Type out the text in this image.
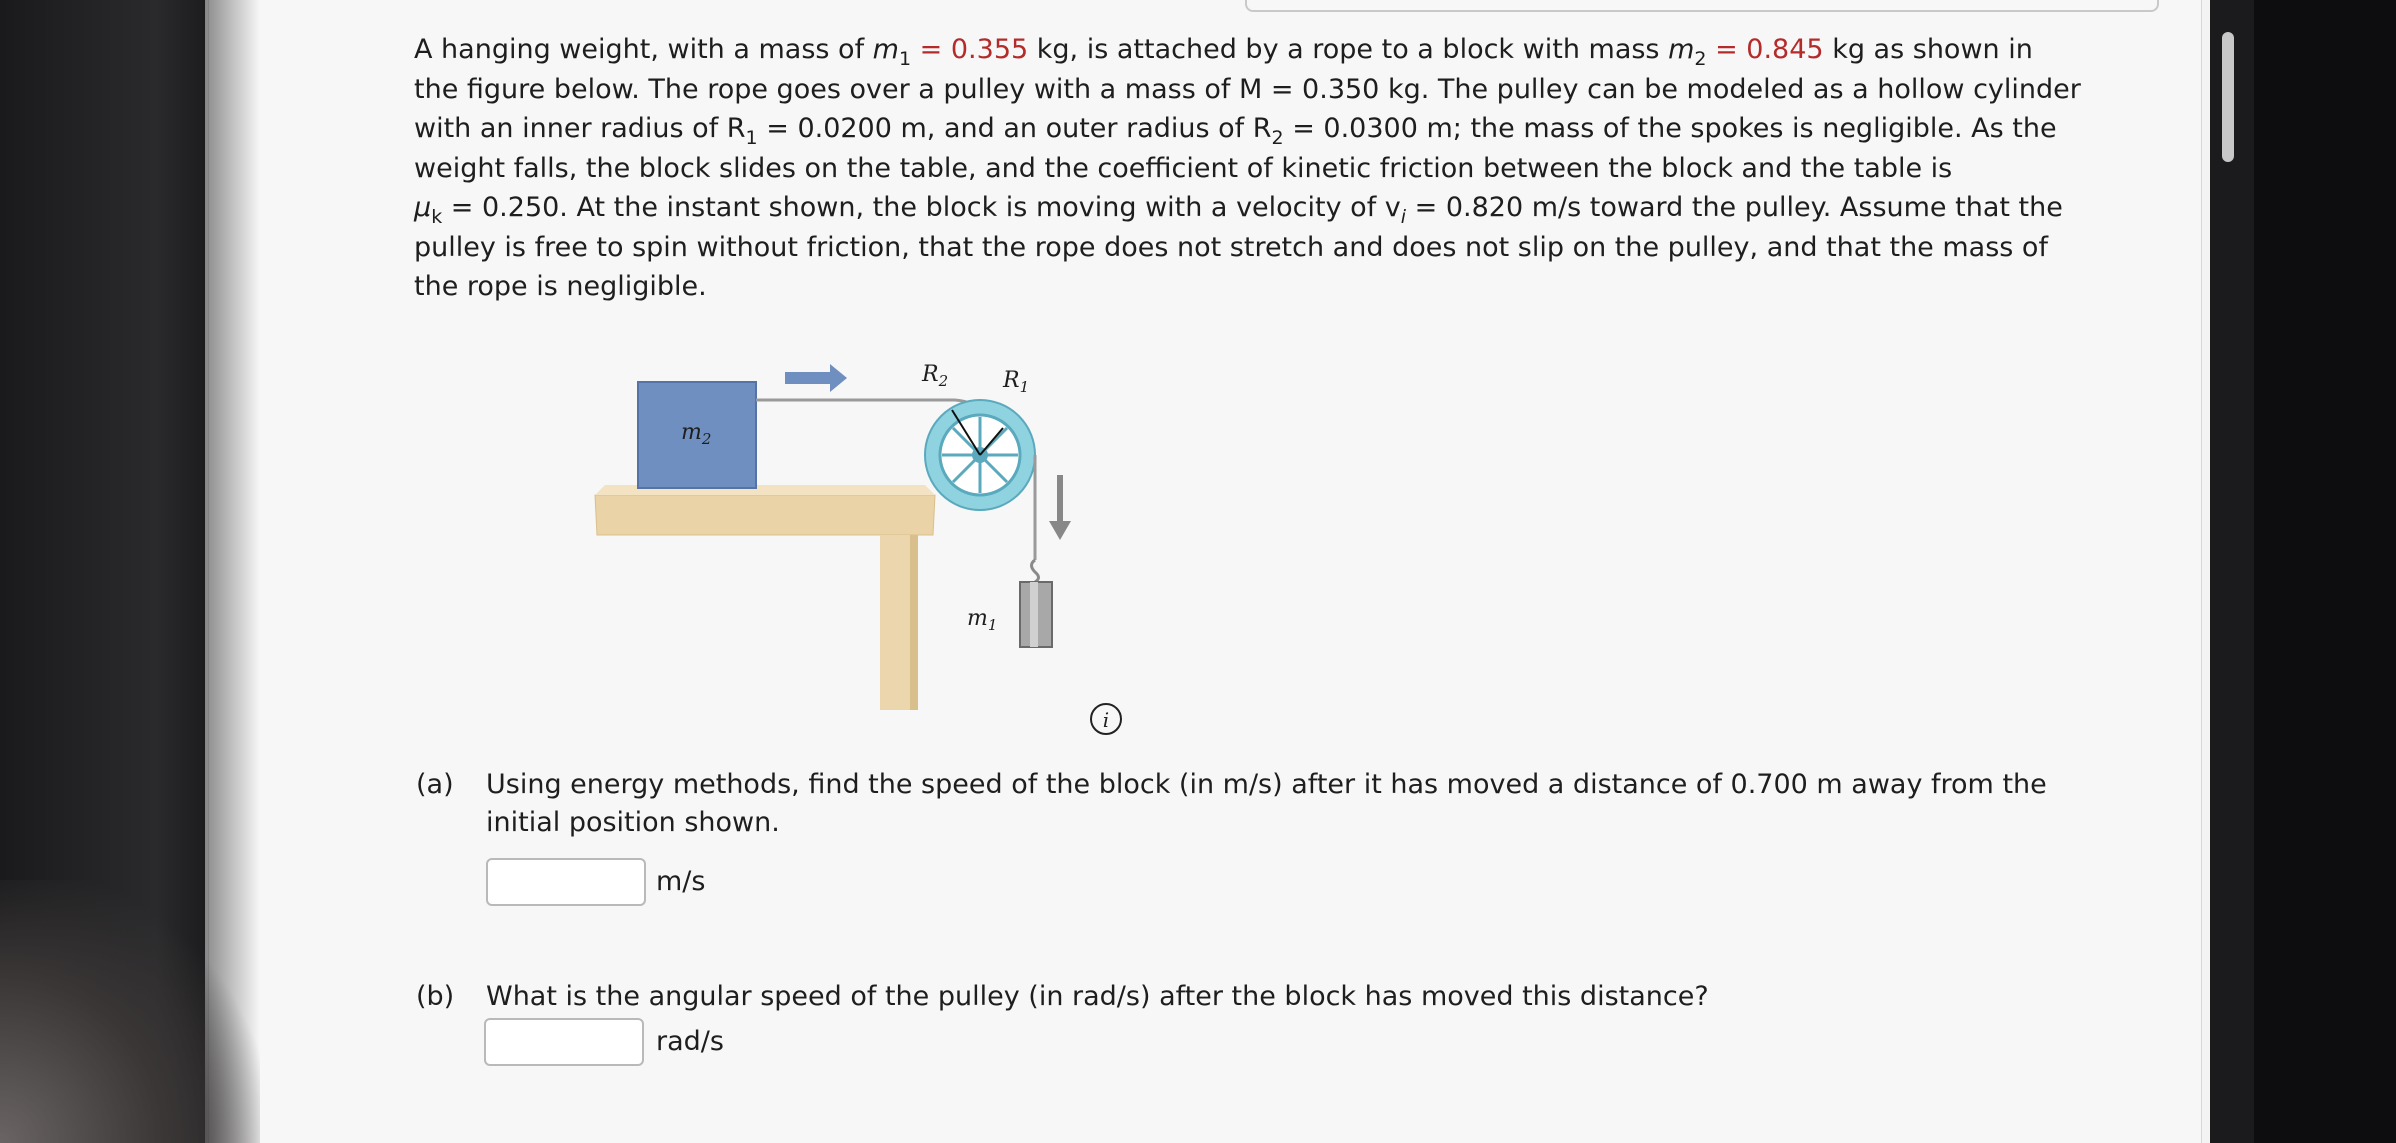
A hanging weight, with a mass of $m_1 = 0.355$ kg, is attached by a rope to a block with mass $m_2 = 0.845$ kg as shown in

the figure below. The rope goes over a pulley with a mass of M = 0.350 kg. The pulley can be modeled as a hollow cylinder

with an inner radius of $R_1 = 0.0200$ m, and an outer radius of $R_2 = 0.0300$ m; the mass of the spokes is negligible. As the

weight falls, the block slides on the table, and the coefficient of kinetic friction between the block and the table is

$\mu_k = 0.250$. At the instant shown, the block is moving with a velocity of $v_i = 0.820$ m/s toward the pulley. Assume that the

pulley is free to spin without friction, that the rope does not stretch and does not slip on the pulley, and that the mass of

the rope is negligible.

$m_2$
$R_2$ $R_1$
$m_1$
i
(a) Using energy methods, find the speed of the block (in m/s) after it has moved a distance of 0.700 m away from the
initial position shown.
m/s
(b) What is the angular speed of the pulley (in rad/s) after the block has moved this distance?
rad/s
